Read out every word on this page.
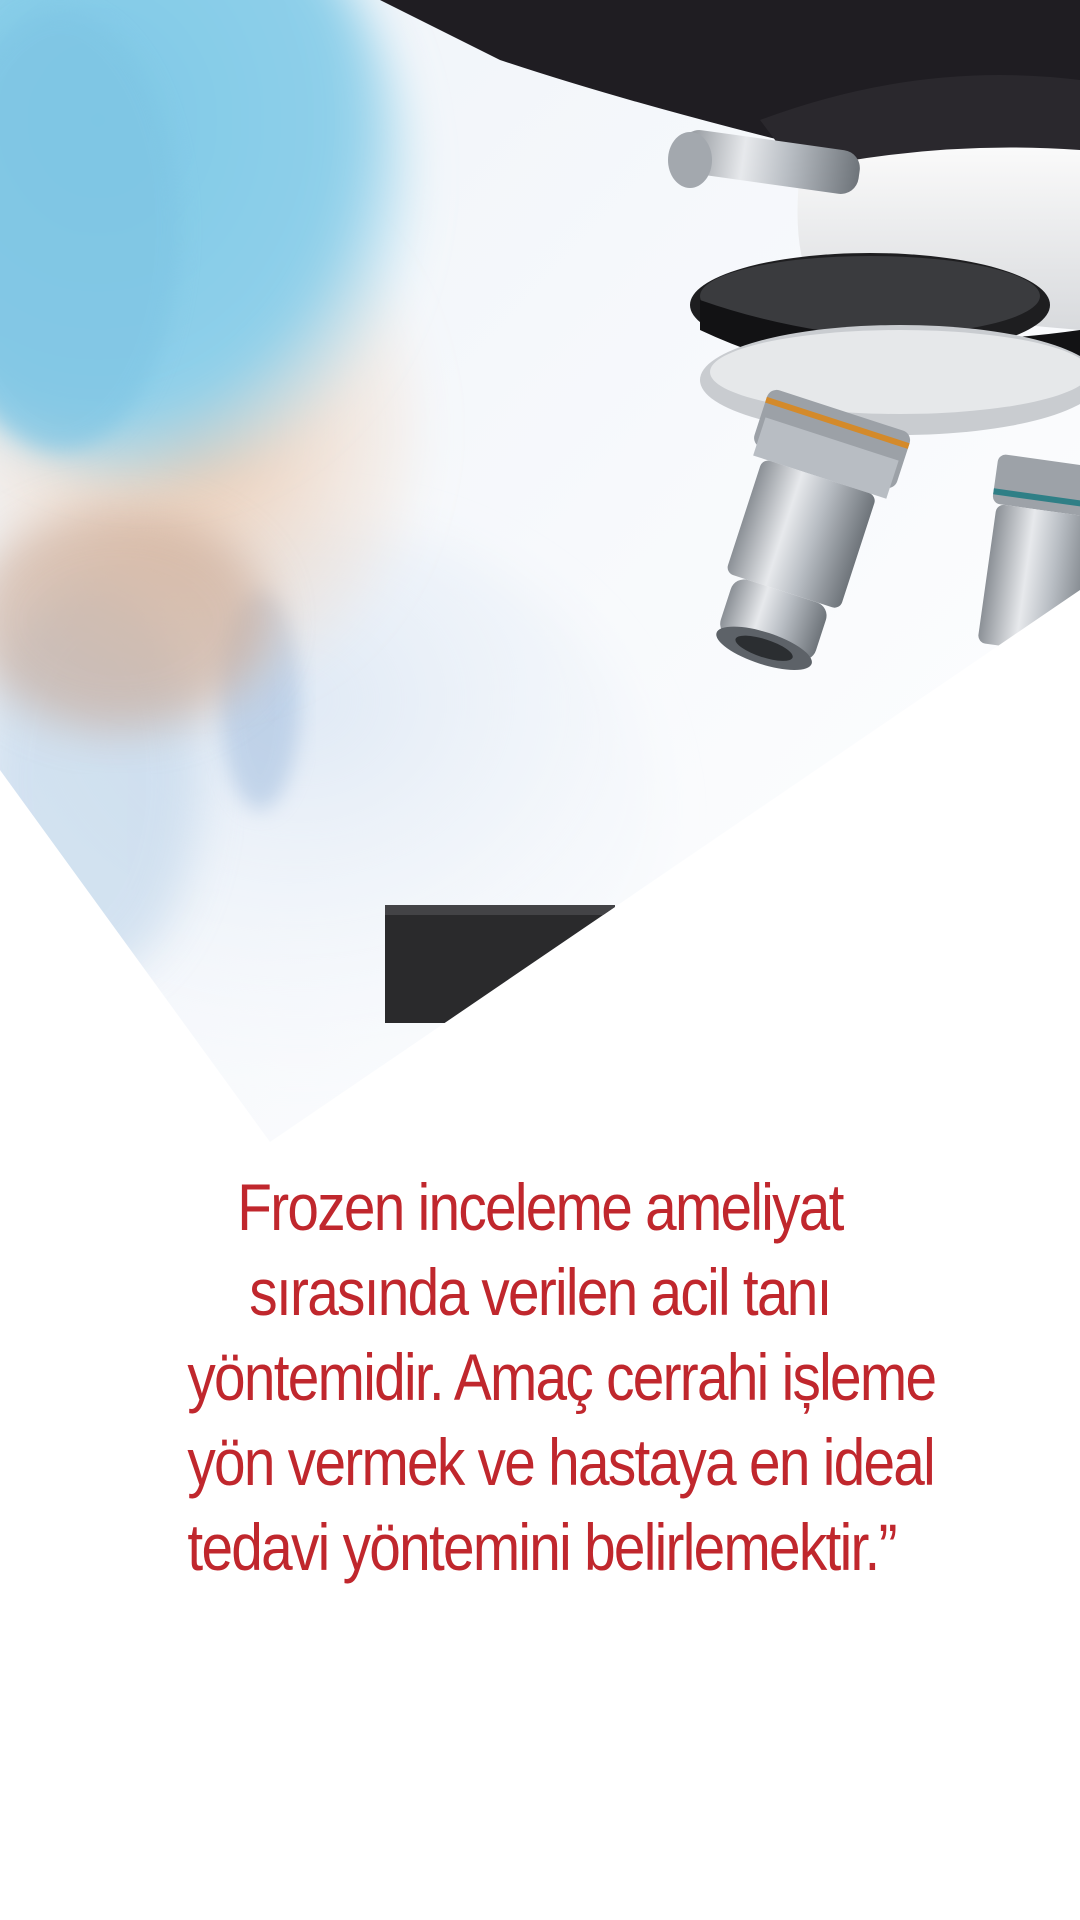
Frozen inceleme ameliyat
sırasında verilen acil tanı
yöntemidir. Amaç cerrahi ișleme
yön vermek ve hastaya en ideal
tedavi yöntemini belirlemektir.”
